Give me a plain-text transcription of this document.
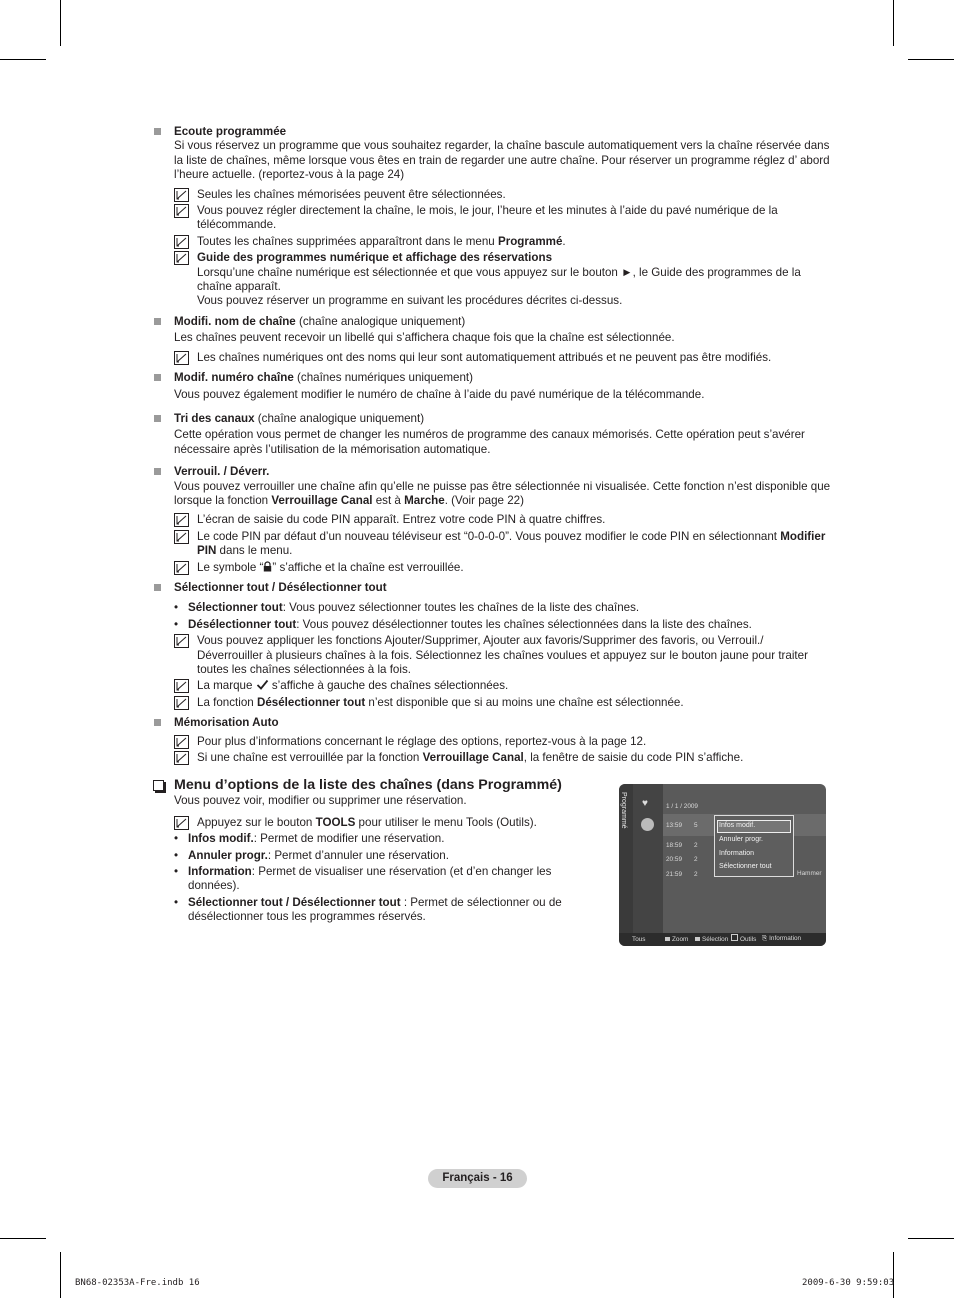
Ecoute programmée

Si vous réservez un programme que vous souhaitez regarder, la chaîne bascule automatiquement vers la chaîne réservée dans la liste de chaînes, même lorsque vous êtes en train de regarder une autre chaîne. Pour réserver un programme réglez d’ abord l’heure actuelle. (reportez-vous à la page 24)

Seules les chaînes mémorisées peuvent être sélectionnées.
Vous pouvez régler directement la chaîne, le mois, le jour, l’heure et les minutes à l’aide du pavé numérique de la télécommande.
Toutes les chaînes supprimées apparaîtront dans le menu Programmé.
Guide des programmes numérique et affichage des réservations
Lorsqu’une chaîne numérique est sélectionnée et que vous appuyez sur le bouton ►, le Guide des programmes de la chaîne apparaît.
Vous pouvez réserver un programme en suivant les procédures décrites ci-dessus.
Modifi. nom de chaîne (chaîne analogique uniquement)

Les chaînes peuvent recevoir un libellé qui s’affichera chaque fois que la chaîne est sélectionnée.

Les chaînes numériques ont des noms qui leur sont automatiquement attribués et ne peuvent pas être modifiés.
Modif. numéro chaîne (chaînes numériques uniquement)

Vous pouvez également modifier le numéro de chaîne à l’aide du pavé numérique de la télécommande.

Tri des canaux (chaîne analogique uniquement)

Cette opération vous permet de changer les numéros de programme des canaux mémorisés. Cette opération peut s’avérer nécessaire après l’utilisation de la mémorisation automatique.

Verrouil. / Déverr.

Vous pouvez verrouiller une chaîne afin qu’elle ne puisse pas être sélectionnée ni visualisée. Cette fonction n’est disponible que lorsque la fonction Verrouillage Canal est à Marche. (Voir page 22)

L’écran de saisie du code PIN apparaît. Entrez votre code PIN à quatre chiffres.
Le code PIN par défaut d’un nouveau téléviseur est “0-0-0-0”. Vous pouvez modifier le code PIN en sélectionnant Modifier PIN dans le menu.
Le symbole “ ” s’affiche et la chaîne est verrouillée.
Sélectionner tout / Désélectionner tout
• Sélectionner tout: Vous pouvez sélectionner toutes les chaînes de la liste des chaînes.
• Désélectionner tout: Vous pouvez désélectionner toutes les chaînes sélectionnées dans la liste des chaînes.
Vous pouvez appliquer les fonctions Ajouter/Supprimer, Ajouter aux favoris/Supprimer des favoris, ou Verrouil./ Déverrouiller à plusieurs chaînes à la fois. Sélectionnez les chaînes voulues et appuyez sur le bouton jaune pour traiter toutes les chaînes sélectionnées à la fois.
La marque  s’affiche à gauche des chaînes sélectionnées.
La fonction Désélectionner tout n’est disponible que si au moins une chaîne est sélectionnée.
Mémorisation Auto
Pour plus d’informations concernant le réglage des options, reportez-vous à la page 12.
Si une chaîne est verrouillée par la fonction Verrouillage Canal, la fenêtre de saisie du code PIN s’affiche.
Menu d’options de la liste des chaînes (dans Programmé)

Vous pouvez voir, modifier ou supprimer une réservation.

Appuyez sur le bouton TOOLS pour utiliser le menu Tools (Outils).
• Infos modif.: Permet de modifier une réservation.
• Annuler progr.: Permet d’annuler une réservation.
• Information: Permet de visualiser une réservation (et d’en changer les données).
• Sélectionner tout / Désélectionner tout : Permet de sélectionner ou de désélectionner tous les programmes réservés.
Programmé ♥	1 / 1 / 2009
13:59 5
18:59 2
20:59 2
21:59 2	Hammer
Infos modif.
Annuler progr.
Information
Sélectionner tout
Tous	Zoom	Sélection	Outils ⎘ Information
Français - 16
BN68-02353A-Fre.indb 16	2009-6-30 9:59:03
